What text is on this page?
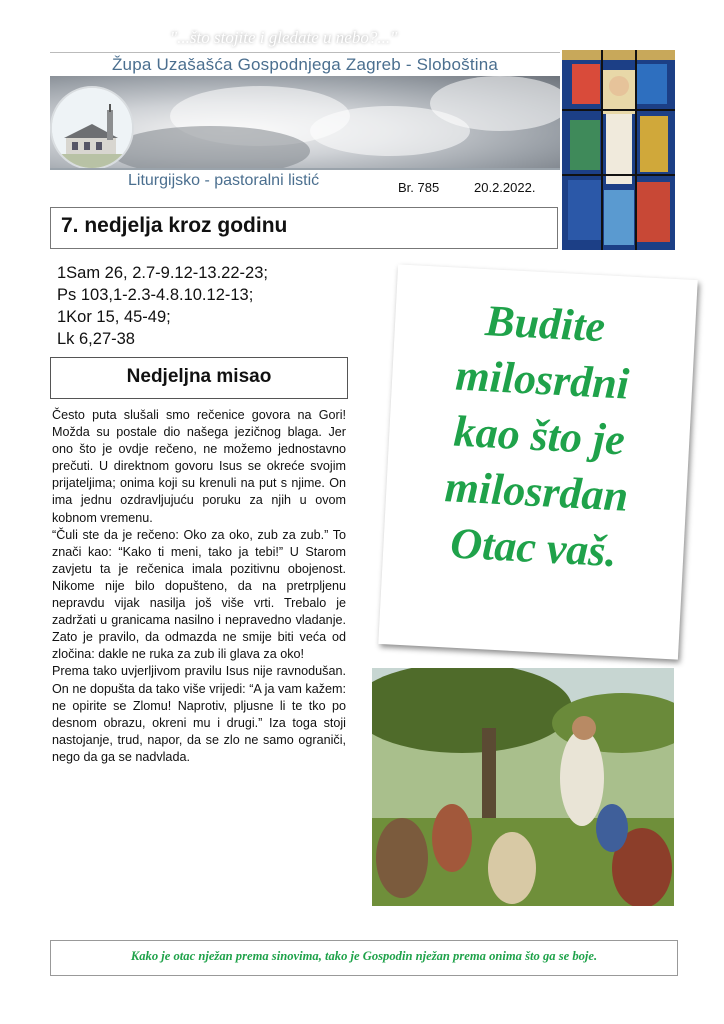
Župa Uzašašća Gospodnjega Zagreb - Sloboština
"...što stojite i gledate u nebo?..."
Liturgijsko - pastoralni listić	Br. 785	20.2.2022.
7. nedjelja kroz godinu
1Sam 26, 2.7-9.12-13.22-23;
Ps 103,1-2.3-4.8.10.12-13;
1Kor 15, 45-49;
Lk 6,27-38
Nedjeljna misao

Često puta slušali smo rečenice govora na Gori! Možda su postale dio našega jezičnog blaga. Jer ono što je ovdje rečeno, ne možemo jednostavno prečuti. U direktnom govoru Isus se okreće svojim prijateljima; onima koji su krenuli na put s njime. On ima jednu ozdravljujuću poruku za njih u ovom kobnom vremenu.

“Čuli ste da je rečeno: Oko za oko, zub za zub.” To znači kao: “Kako ti meni, tako ja tebi!” U Starom zavjetu ta je rečenica imala pozitivnu obojenost. Nikome nije bilo dopušteno, da na pretrpljenu nepravdu vijak nasilja još više vrti. Trebalo je zadržati u granicama nasilno i nepravedno vladanje. Zato je pravilo, da odmazda ne smije biti veća od zločina: dakle ne ruka za zub ili glava za oko!

Prema tako uvjerljivom pravilu Isus nije ravnodušan. On ne dopušta da tako više vrijedi: “A ja vam kažem: ne opirite se Zlomu! Naprotiv, pljusne li te tko po desnom obrazu, okreni mu i drugi.” Iza toga stoji nastojanje, trud, napor, da se zlo ne samo ograniči, nego da ga se nadvlada.

Budite
milosrdni
kao što je
milosrdan
Otac vaš.
Kako je otac nježan prema sinovima, tako je Gospodin nježan prema onima što ga se boje.
